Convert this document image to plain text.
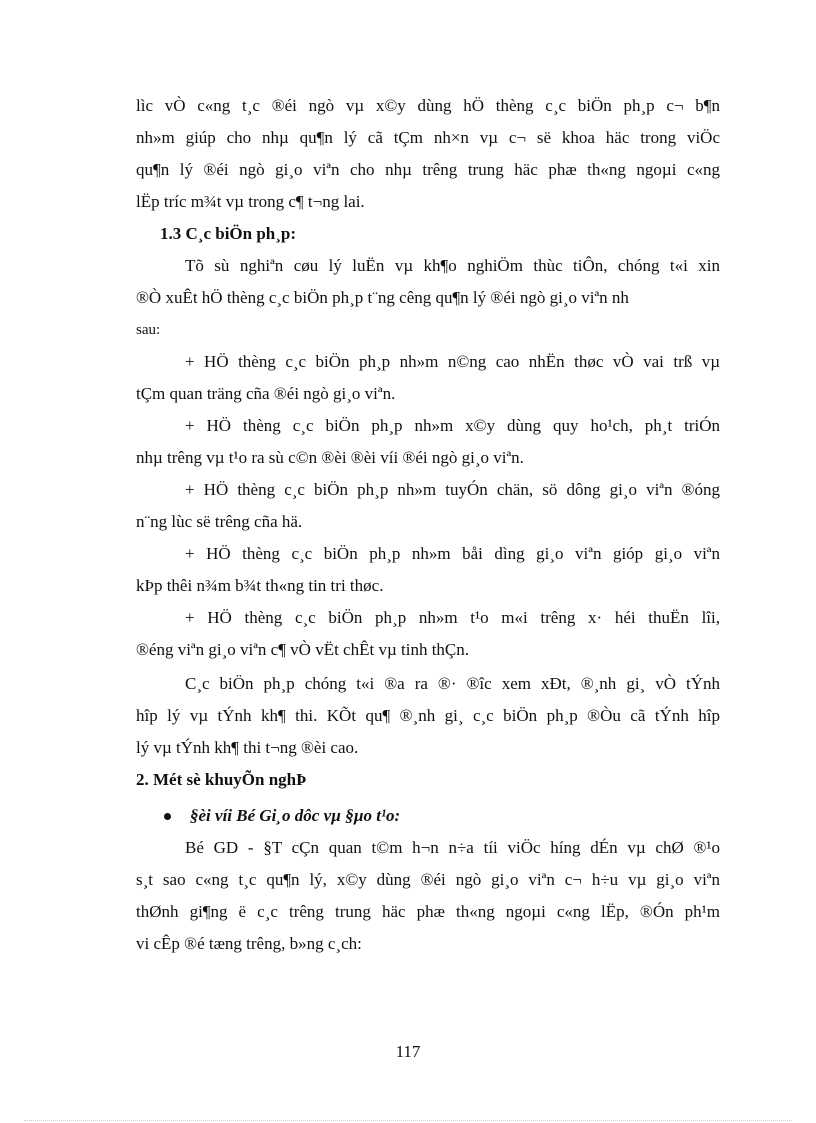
lìc vÒ c«ng t¸c ®éi ngò vµ x©y dùng hÖ thèng c¸c biÖn ph¸p c¬ b¶n
nh»m giúp cho nhµ qu¶n lý cã tÇm nh×n vµ c¬ së khoa häc trong viÖc
qu¶n lý ®éi ngò gi¸o viªn cho nhµ trêng trung häc phæ th«ng ngoµi c«ng
lËp tríc m¾t vµ trong c¶ t¬ng lai.
1.3 C¸c biÖn ph¸p:
Tõ sù nghiªn cøu lý luËn vµ kh¶o nghiÖm thùc tiÔn, chóng t«i xin
®Ò xuÊt hÖ thèng c¸c biÖn ph¸p t¨ng cêng qu¶n lý ®éi ngò gi¸o viªn nh
sau:
+ HÖ thèng c¸c biÖn ph¸p nh»m n©ng cao nhËn thøc vÒ vai trß vµ
tÇm quan träng cña ®éi ngò gi¸o viªn.
+ HÖ thèng c¸c biÖn ph¸p nh»m x©y dùng quy ho¹ch, ph¸t triÓn
nhµ trêng vµ t¹o ra sù c©n ®èi ®èi víi ®éi ngò gi¸o viªn.
+ HÖ thèng c¸c biÖn ph¸p nh»m tuyÓn chän, sö dông gi¸o viªn ®óng
n¨ng lùc së trêng cña hä.
+ HÖ thèng c¸c biÖn ph¸p nh»m båi dìng gi¸o viªn gióp gi¸o viªn
kÞp thêi n¾m b¾t th«ng tin tri thøc.
+ HÖ thèng c¸c biÖn ph¸p nh»m t¹o m«i trêng x· héi thuËn lîi,
®éng viªn gi¸o viªn c¶ vÒ vËt chÊt vµ tinh thÇn.
C¸c biÖn ph¸p chóng t«i ®a ra ®· ®îc xem xÐt, ®¸nh gi¸ vÒ tÝnh
hîp lý vµ tÝnh kh¶ thi. KÕt qu¶ ®¸nh gi¸ c¸c biÖn ph¸p ®Òu cã tÝnh hîp
lý vµ tÝnh kh¶ thi t¬ng ®èi cao.
2. Mét sè khuyÕn nghÞ
§èi víi Bé Gi¸o dôc vµ §µo t¹o:
Bé GD - §T cÇn quan t©m h¬n n÷a tíi viÖc híng dÉn vµ chØ ®¹o
s¸t sao c«ng t¸c qu¶n lý, x©y dùng ®éi ngò gi¸o viªn c¬ h÷u vµ gi¸o viªn
thØnh gi¶ng ë c¸c trêng trung häc phæ th«ng ngoµi c«ng lËp, ®Ón ph¹m
vi cÊp ®é tæng trêng, b»ng c¸ch:
117
